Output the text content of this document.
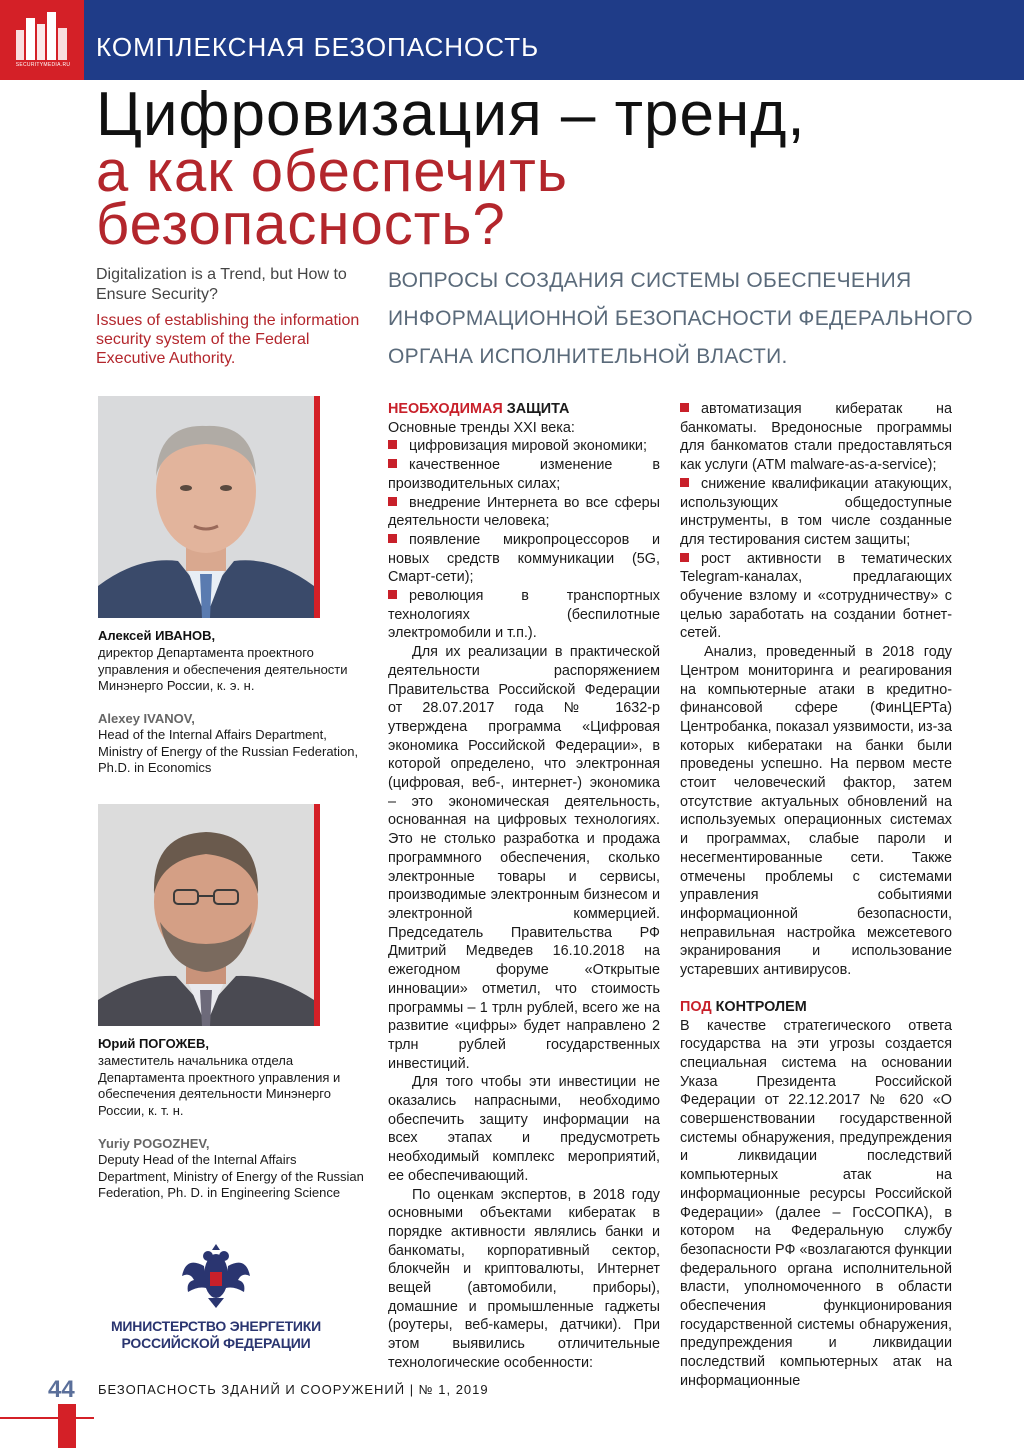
SECURITYMEDIA.RU
КОМПЛЕКСНАЯ БЕЗОПАСНОСТЬ
Цифровизация – тренд,
а как обеспечить
безопасность?
Digitalization is a Trend, but How to Ensure Security?
Issues of establishing the information security system of the Federal Executive Authority.
ВОПРОСЫ СОЗДАНИЯ СИСТЕМЫ ОБЕСПЕЧЕНИЯ ИНФОРМАЦИОННОЙ БЕЗОПАСНОСТИ ФЕДЕРАЛЬНОГО ОРГАНА ИСПОЛНИТЕЛЬНОЙ ВЛАСТИ.
Алексей ИВАНОВ,
директор Департамента проектного управления и обеспечения деятельности Минэнерго России, к. э. н.
Alexey IVANOV,
Head of the Internal Affairs Department, Ministry of Energy of the Russian Federation, Ph.D. in Economics
Юрий ПОГОЖЕВ,
заместитель начальника отдела Департамента проектного управления и обеспечения деятельности Минэнерго России, к. т. н.
Yuriy POGOZHEV,
Deputy Head of the Internal Affairs Department, Ministry of Energy of the Russian Federation, Ph. D. in Engineering Science
МИНИСТЕРСТВО ЭНЕРГЕТИКИ
РОССИЙСКОЙ ФЕДЕРАЦИИ
НЕОБХОДИМАЯ ЗАЩИТА

Основные тренды XXI века:

цифровизация мировой экономики;

качественное изменение в производительных силах;

внедрение Интернета во все сферы деятельности человека;

появление микропроцессоров и новых средств коммуникации (5G, Смарт-сети);

революция в транспортных технологиях (беспилотные электромобили и т.п.).

Для их реализации в практической деятельности распоряжением Правительства Российской Федерации от 28.07.2017 года № 1632-р утверждена программа «Цифровая экономика Российской Федерации», в которой определено, что электронная (цифровая, веб-, интернет-) экономика – это экономическая деятельность, основанная на цифровых технологиях. Это не столько разработка и продажа программного обеспечения, сколько электронные товары и сервисы, производимые электронным бизнесом и электронной коммерцией. Председатель Правительства РФ Дмитрий Медведев 16.10.2018 на ежегодном форуме «Открытые инновации» отметил, что стоимость программы – 1 трлн рублей, всего же на развитие «цифры» будет направлено 2 трлн рублей государственных инвестиций.

Для того чтобы эти инвестиции не оказались напрасными, необходимо обеспечить защиту информации на всех этапах и предусмотреть необходимый комплекс мероприятий, ее обеспечивающий.

По оценкам экспертов, в 2018 году основными объектами кибератак в порядке активности являлись банки и банкоматы, корпоративный сектор, блокчейн и криптовалюты, Интернет вещей (автомобили, приборы), домашние и промышленные гаджеты (роутеры, веб-камеры, датчики). При этом выявились отличительные технологические особенности:

автоматизация кибератак на банкоматы. Вредоносные программы для банкоматов стали предоставляться как услуги (ATM malware-as-a-service);

снижение квалификации атакующих, использующих общедоступные инструменты, в том числе созданные для тестирования систем защиты;

рост активности в тематических Telegram-каналах, предлагающих обучение взлому и «сотрудничеству» с целью заработать на создании ботнет-сетей.

Анализ, проведенный в 2018 году Центром мониторинга и реагирования на компьютерные атаки в кредитно-финансовой сфере (ФинЦЕРТа) Центробанка, показал уязвимости, из-за которых кибератаки на банки были проведены успешно. На первом месте стоит человеческий фактор, затем отсутствие актуальных обновлений на используемых операционных системах и программах, слабые пароли и несегментированные сети. Также отмечены проблемы с системами управления событиями информационной безопасности, неправильная настройка межсетевого экранирования и использование устаревших антивирусов.

ПОД КОНТРОЛЕМ

В качестве стратегического ответа государства на эти угрозы создается специальная система на основании Указа Президента Российской Федерации от 22.12.2017 № 620 «О совершенствовании государственной системы обнаружения, предупреждения и ликвидации последствий компьютерных атак на информационные ресурсы Российской Федерации» (далее – ГосСОПКА), в котором на Федеральную службу безопасности РФ «возлагаются функции федерального органа исполнительной власти, уполномоченного в области обеспечения функционирования государственной системы обнаружения, предупреждения и ликвидации последствий компьютерных атак на информационные

44 БЕЗОПАСНОСТЬ ЗДАНИЙ И СООРУЖЕНИЙ | № 1, 2019
